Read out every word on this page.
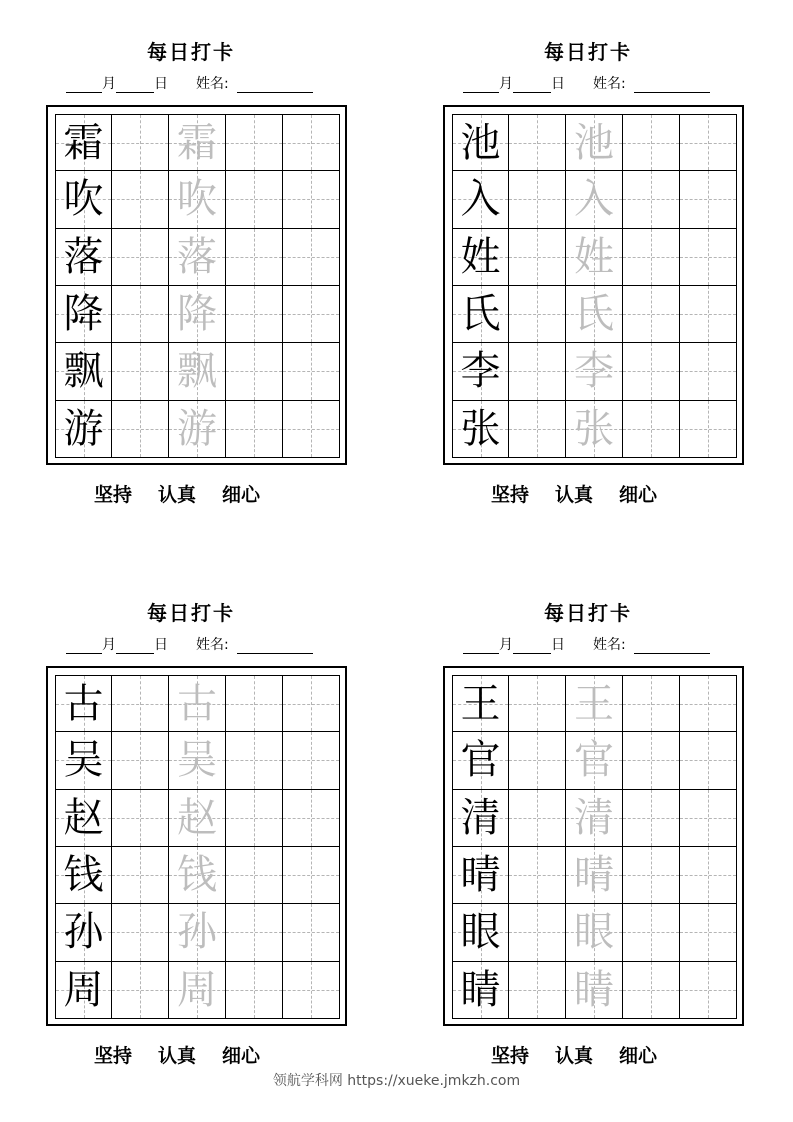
每日打卡
月	日 姓名:
霜 霜
吹 吹
落 落
降 降
飘 飘
游 游
坚持 认真 细心
每日打卡
月	日 姓名:
池 池
入 入
姓 姓
氏 氏
李 李
张 张
坚持 认真 细心
每日打卡
月	日 姓名:
古 古
吴 吴
赵 赵
钱 钱
孙 孙
周 周
坚持 认真 细心
每日打卡
月	日 姓名:
王 王
官 官
清 清
晴 晴
眼 眼
睛 睛
坚持 认真 细心
领航学科网 https://xueke.jmkzh.com
